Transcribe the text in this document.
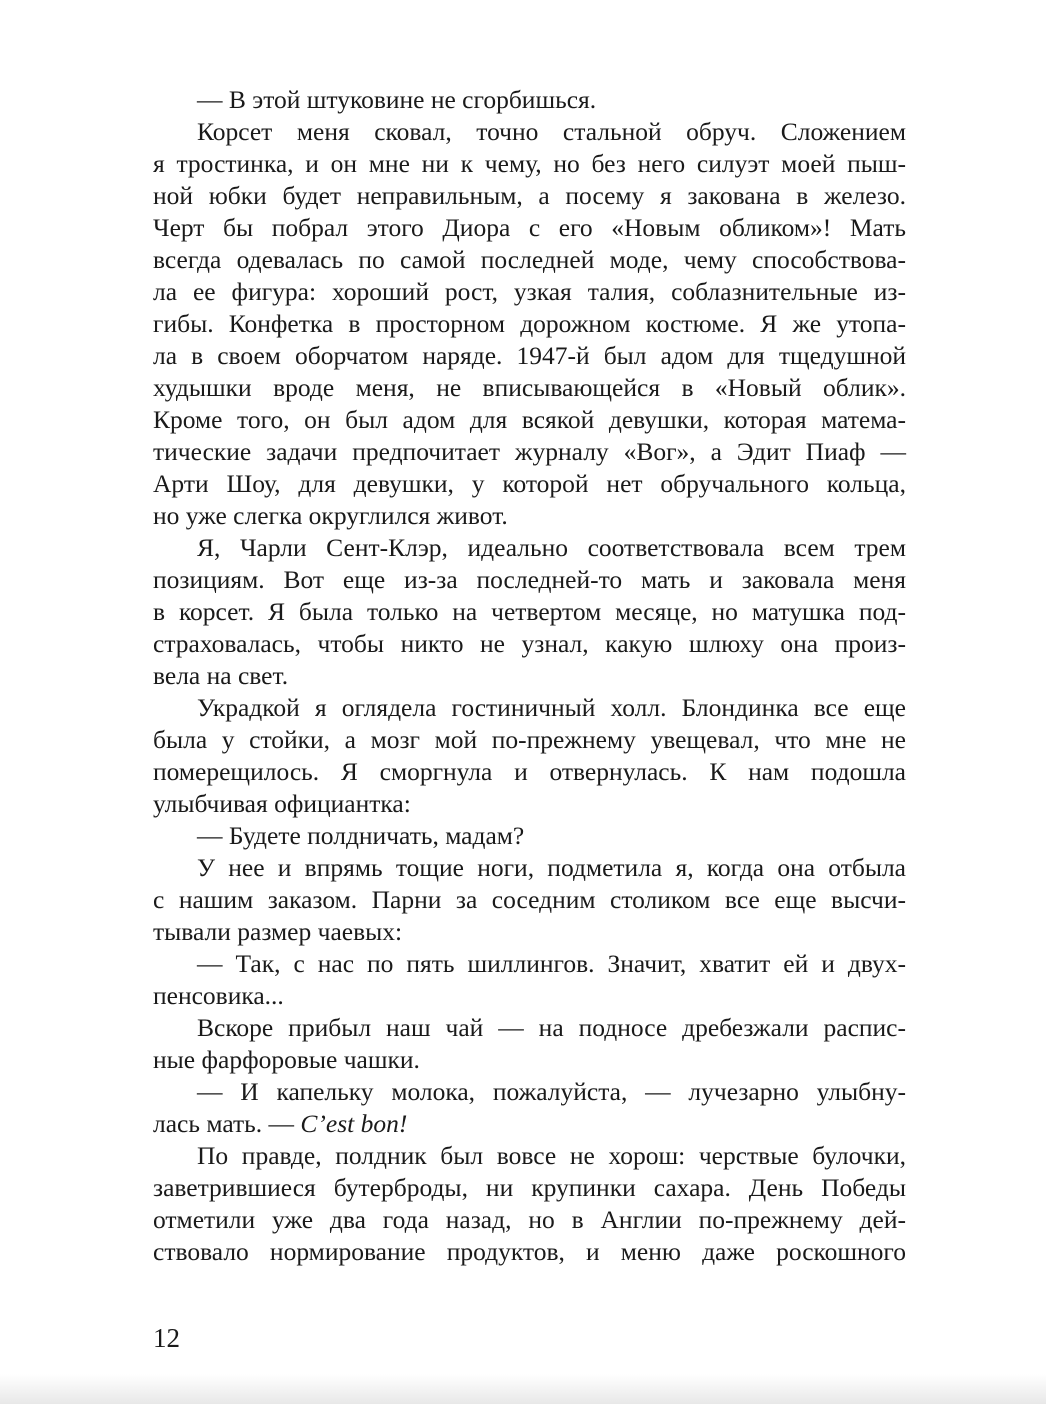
— В этой штуковине не сгорбишься.
Корсет меня сковал, точно стальной обруч. Сложением
я тростинка, и он мне ни к чему, но без него силуэт моей пыш-
ной юбки будет неправильным, а посему я закована в железо.
Черт бы побрал этого Диора с его «Новым обликом»! Мать
всегда одевалась по самой последней моде, чему способствова-
ла ее фигура: хороший рост, узкая талия, соблазнительные из-
гибы. Конфетка в просторном дорожном костюме. Я же утопа-
ла в своем оборчатом наряде. 1947-й был адом для тщедушной
худышки вроде меня, не вписывающейся в «Новый облик».
Кроме того, он был адом для всякой девушки, которая матема-
тические задачи предпочитает журналу «Вог», а Эдит Пиаф —
Арти Шоу, для девушки, у которой нет обручального кольца,
но уже слегка округлился живот.
Я, Чарли Сент-Клэр, идеально соответствовала всем трем
позициям. Вот еще из-за последней-то мать и заковала меня
в корсет. Я была только на четвертом месяце, но матушка под-
страховалась, чтобы никто не узнал, какую шлюху она произ-
вела на свет.
Украдкой я оглядела гостиничный холл. Блондинка все еще
была у стойки, а мозг мой по-прежнему увещевал, что мне не
померещилось. Я сморгнула и отвернулась. К нам подошла
улыбчивая официантка:
— Будете полдничать, мадам?
У нее и впрямь тощие ноги, подметила я, когда она отбыла
с нашим заказом. Парни за соседним столиком все еще высчи-
тывали размер чаевых:
— Так, с нас по пять шиллингов. Значит, хватит ей и двух-
пенсовика...
Вскоре прибыл наш чай — на подносе дребезжали распис-
ные фарфоровые чашки.
— И капельку молока, пожалуйста, — лучезарно улыбну-
лась мать. — C’est bon!
По правде, полдник был вовсе не хорош: черствые булочки,
заветрившиеся бутерброды, ни крупинки сахара. День Победы
отметили уже два года назад, но в Англии по-прежнему дей-
ствовало нормирование продуктов, и меню даже роскошного
12
